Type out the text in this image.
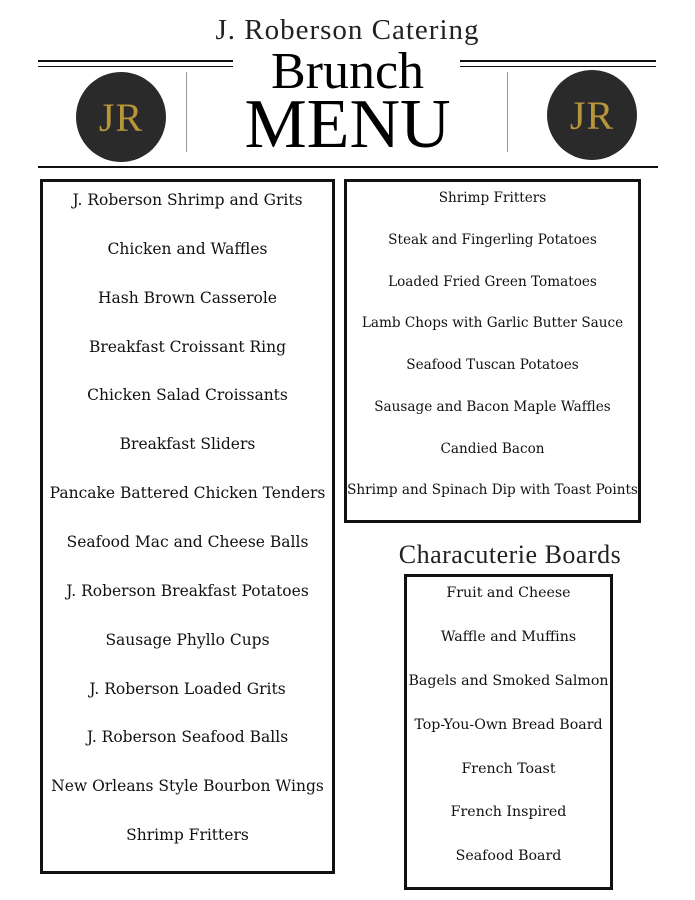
J. Roberson Catering
Brunch
MENU
JR	JR
J. Roberson Shrimp and Grits
Chicken and Waffles
Hash Brown Casserole
Breakfast Croissant Ring
Chicken Salad Croissants
Breakfast Sliders
Pancake Battered Chicken Tenders
Seafood Mac and Cheese Balls
J. Roberson Breakfast Potatoes
Sausage Phyllo Cups
J. Roberson Loaded Grits
J. Roberson Seafood Balls
New Orleans Style Bourbon Wings
Shrimp Fritters
Shrimp Fritters
Steak and Fingerling Potatoes
Loaded Fried Green Tomatoes
Lamb Chops with Garlic Butter Sauce
Seafood Tuscan Potatoes
Sausage and Bacon Maple Waffles
Candied Bacon
Shrimp and Spinach Dip with Toast Points
Characuterie Boards
Fruit and Cheese
Waffle and Muffins
Bagels and Smoked Salmon
Top-You-Own Bread Board
French Toast
French Inspired
Seafood Board
